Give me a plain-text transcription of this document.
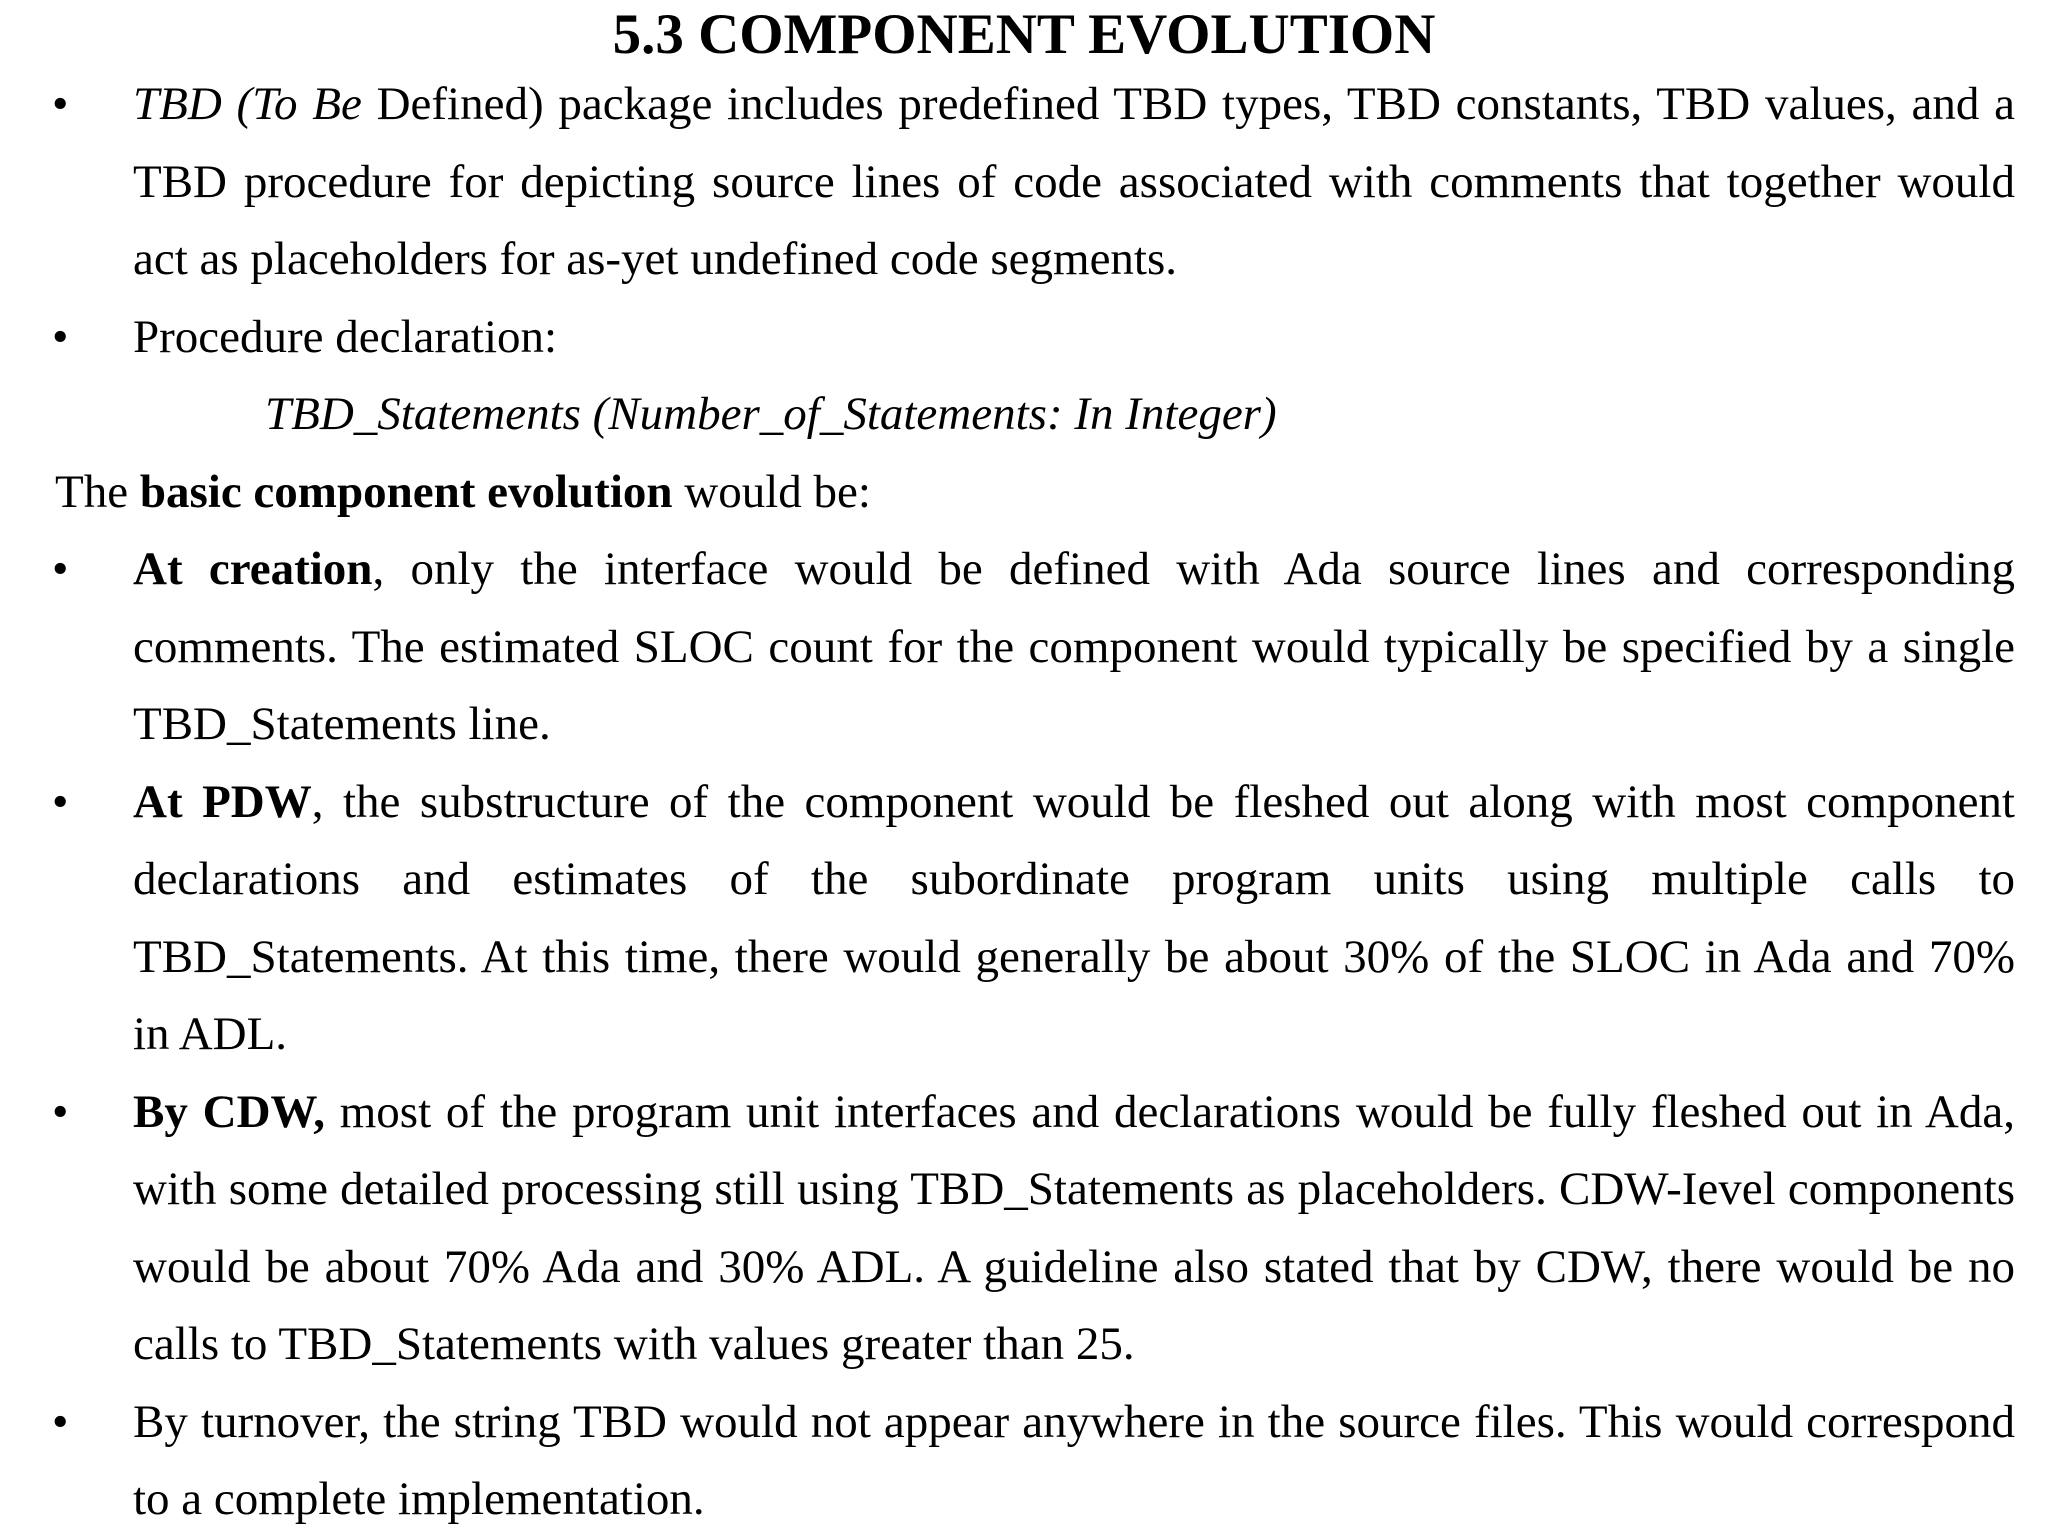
5.3 COMPONENT EVOLUTION
• TBD (To Be Defined) package includes predefined TBD types, TBD constants, TBD values, and a TBD procedure for depicting source lines of code associated with comments that together would act as placeholders for as-yet undefined code segments.
• Procedure declaration:
TBD_Statements (Number_of_Statements: In Integer)
The basic component evolution would be:
• At creation, only the interface would be defined with Ada source lines and corresponding comments. The estimated SLOC count for the component would typically be specified by a single TBD_Statements line.
• At PDW, the substructure of the component would be fleshed out along with most component declarations and estimates of the subordinate program units using multiple calls to TBD_Statements. At this time, there would generally be about 30% of the SLOC in Ada and 70% in ADL.
• By CDW, most of the program unit interfaces and declarations would be fully fleshed out in Ada, with some detailed processing still using TBD_Statements as placeholders. CDW-Ievel components would be about 70% Ada and 30% ADL. A guideline also stated that by CDW, there would be no calls to TBD_Statements with values greater than 25.
• By turnover, the string TBD would not appear anywhere in the source files. This would correspond to a complete implementation.
